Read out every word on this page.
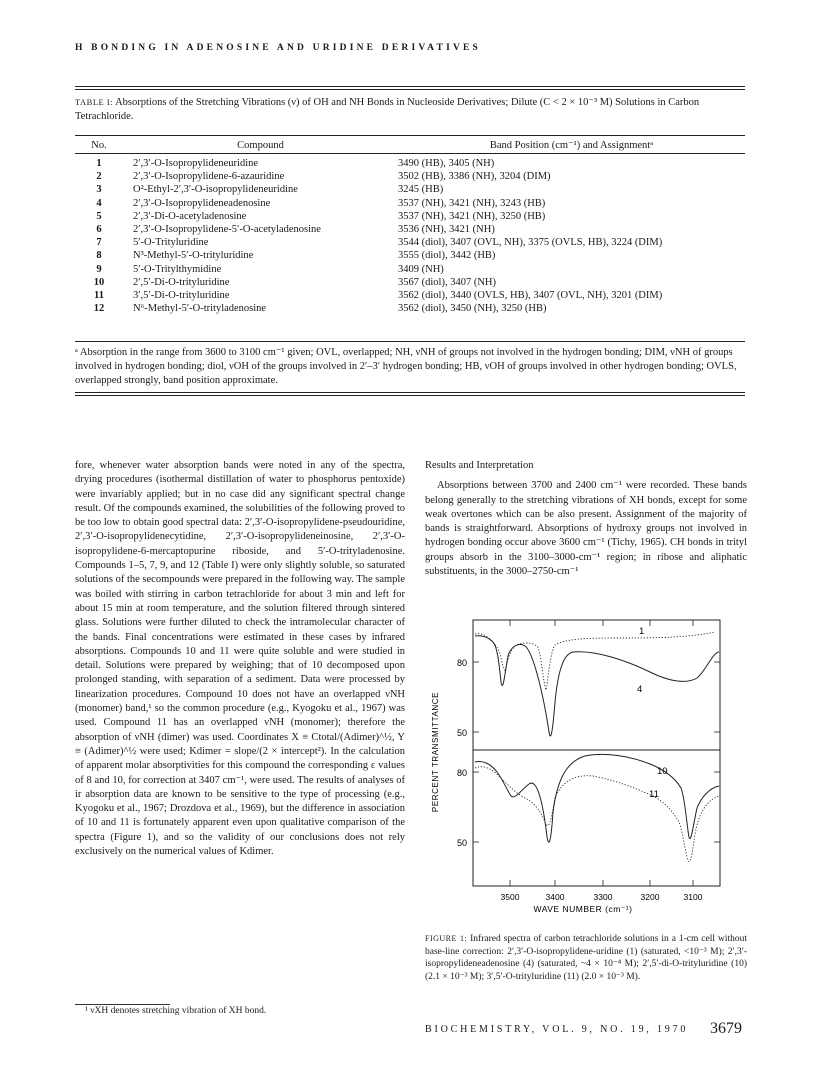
H BONDING IN ADENOSINE AND URIDINE DERIVATIVES
TABLE I: Absorptions of the Stretching Vibrations (ν) of OH and NH Bonds in Nucleoside Derivatives; Dilute (C < 2 × 10⁻³ M) Solutions in Carbon Tetrachloride.
No.	Compound	Band Position (cm⁻¹) and Assignmentᵃ
1	2′,3′-O-Isopropylideneuridine	3490 (HB), 3405 (NH)
2	2′,3′-O-Isopropylidene-6-azauridine	3502 (HB), 3386 (NH), 3204 (DIM)
3	O²-Ethyl-2′,3′-O-isopropylideneuridine	3245 (HB)
4	2′,3′-O-Isopropylideneadenosine	3537 (NH), 3421 (NH), 3243 (HB)
5	2′,3′-Di-O-acetyladenosine	3537 (NH), 3421 (NH), 3250 (HB)
6	2′,3′-O-Isopropylidene-5′-O-acetyladenosine	3536 (NH), 3421 (NH)
7	5′-O-Trityluridine	3544 (diol), 3407 (OVL, NH), 3375 (OVLS, HB), 3224 (DIM)
8	N³-Methyl-5′-O-trityluridine	3555 (diol), 3442 (HB)
9	5′-O-Tritylthymidine	3409 (NH)
10	2′,5′-Di-O-trityluridine	3567 (diol), 3407 (NH)
11	3′,5′-Di-O-trityluridine	3562 (diol), 3440 (OVLS, HB), 3407 (OVL, NH), 3201 (DIM)
12	N⁶-Methyl-5′-O-trityladenosine	3562 (diol), 3450 (NH), 3250 (HB)
ᵃ Absorption in the range from 3600 to 3100 cm⁻¹ given; OVL, overlapped; NH, νNH of groups not involved in the hydrogen bonding; DIM, νNH of groups involved in hydrogen bonding; diol, νOH of the groups involved in 2′–3′ hydrogen bonding; HB, νOH of groups involved in other hydrogen bonding; OVLS, overlapped strongly, band position approximate.

fore, whenever water absorption bands were noted in any of the spectra, drying procedures (isothermal distillation of water to phosphorus pentoxide) were invariably applied; but in no case did any significant spectral change result. Of the compounds examined, the solubilities of the following proved to be too low to obtain good spectral data: 2′,3′-O-isopropylidene-pseudouridine, 2′,3′-O-isopropylidenecytidine, 2′,3′-O-isopropylideneinosine, 2′,3′-O-isopropylidene-6-mercaptopurine riboside, and 5′-O-trityladenosine. Compounds 1–5, 7, 9, and 12 (Table I) were only slightly soluble, so saturated solutions of the secompounds were prepared in the following way. The sample was boiled with stirring in carbon tetrachloride for about 3 min and left for about 15 min at room temperature, and the solution filtered through sintered glass. Solutions were further diluted to check the intramolecular character of the bands. Final concentrations were estimated in these cases by infrared absorptions. Compounds 10 and 11 were quite soluble and were studied in detail. Solutions were prepared by weighing; that of 10 decomposed upon prolonged standing, with separation of a sediment. Data were processed by linearization procedures. Compound 10 does not have an overlapped νNH (monomer) band,¹ so the common procedure (e.g., Kyogoku et al., 1967) was used. Compound 11 has an overlapped νNH (monomer); therefore the absorption of νNH (dimer) was used. Coordinates X ≡ Ctotal/(Adimer)^½, Y ≡ (Adimer)^½ were used; Kdimer = slope/(2 × intercept²). In the calculation of apparent molar absorptivities for this compound the corresponding ε values of 8 and 10, for correction at 3407 cm⁻¹, were used. The results of analyses of ir absorption data are known to be sensitive to the type of processing (e.g., Kyogoku et al., 1967; Drozdova et al., 1969), but the difference in association of 10 and 11 is fortunately apparent even upon qualitative comparison of the spectra (Figure 1), and so the validity of our conclusions does not rely exclusively on the numerical values of Kdimer.

Results and Interpretation

Absorptions between 3700 and 2400 cm⁻¹ were recorded. These bands belong generally to the stretching vibrations of XH bonds, except for some weak overtones which can be also present. Assignment of the majority of bands is straightforward. Absorptions of hydroxy groups not involved in hydrogen bonding occur above 3600 cm⁻¹ (Tichy, 1965). CH bonds in trityl groups absorb in the 3100–3000-cm⁻¹ region; in ribose and aliphatic substituents, in the 3000–2750-cm⁻¹

80
50
80
50
PERCENT TRANSMITTANCE
3500	3400	3300	3200	3100
WAVE NUMBER (cm⁻¹)
1
4
10
11
FIGURE 1: Infrared spectra of carbon tetrachloride solutions in a 1-cm cell without base-line correction: 2′,3′-O-isopropylidene-uridine (1) (saturated, <10⁻³ M); 2′,3′-isopropylideneadenosine (4) (saturated, ~4 × 10⁻⁴ M); 2′,5′-di-O-trityluridine (10) (2.1 × 10⁻³ M); 3′,5′-O-trityluridine (11) (2.0 × 10⁻³ M).
¹ νXH denotes stretching vibration of XH bond.
BIOCHEMISTRY, VOL. 9, NO. 19, 1970 3679
